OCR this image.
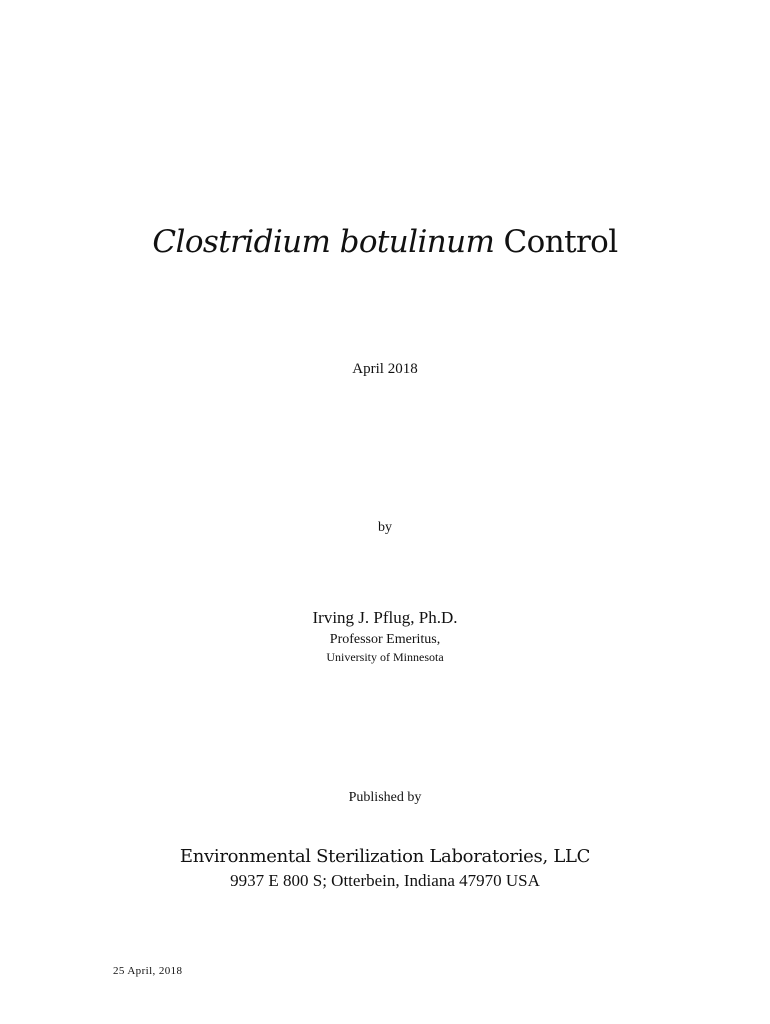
Clostridium botulinum Control
April 2018
by
Irving J. Pflug, Ph.D.
Professor Emeritus,
University of Minnesota
Published by
Environmental Sterilization Laboratories, LLC
9937 E 800 S; Otterbein, Indiana 47970 USA
25 April, 2018
